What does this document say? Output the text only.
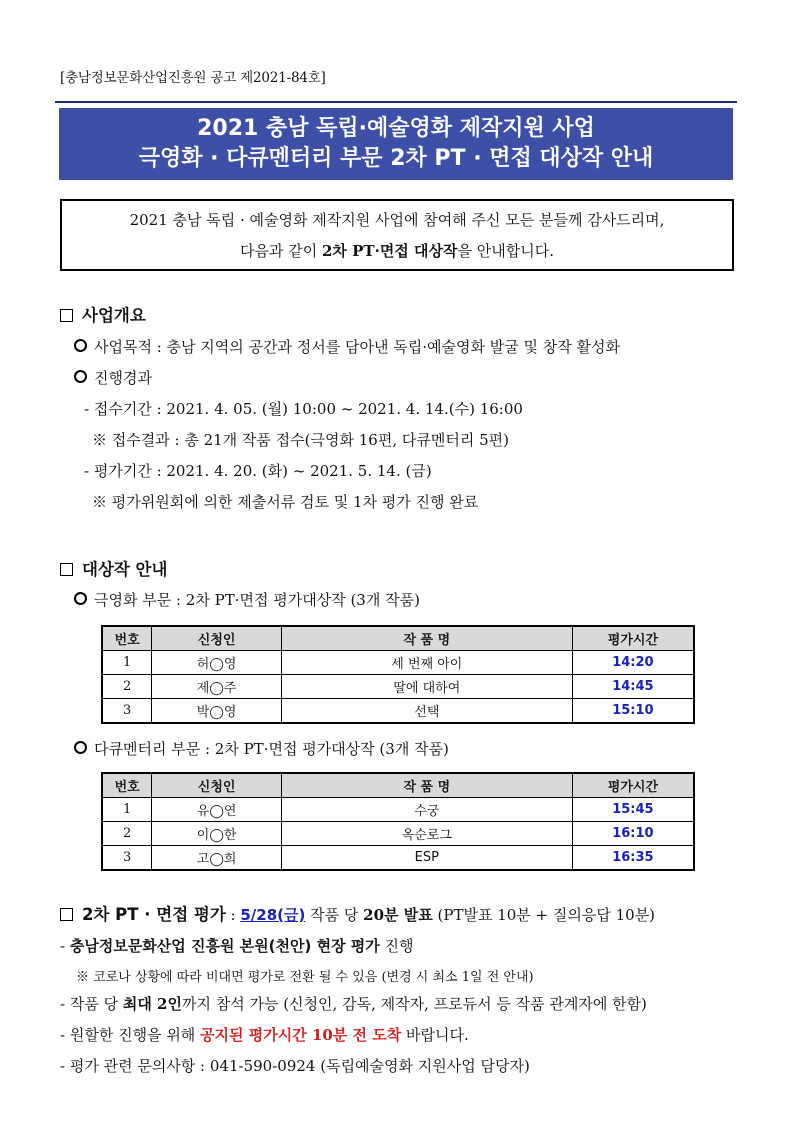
[충남정보문화산업진흥원 공고 제2021-84호]
2021 충남 독립·예술영화 제작지원 사업
극영화 · 다큐멘터리 부문 2차 PT · 면접 대상작 안내
2021 충남 독립 · 예술영화 제작지원 사업에 참여해 주신 모든 분들께 감사드리며,
다음과 같이 2차 PT·면접 대상작을 안내합니다.
사업개요
사업목적 : 충남 지역의 공간과 정서를 담아낸 독립·예술영화 발굴 및 창작 활성화
진행경과
- 접수기간 : 2021. 4. 05. (월) 10:00 ~ 2021. 4. 14.(수) 16:00
※ 접수결과 : 총 21개 작품 접수(극영화 16편, 다큐멘터리 5편)
- 평가기간 : 2021. 4. 20. (화) ~ 2021. 5. 14. (금)
※ 평가위원회에 의한 제출서류 검토 및 1차 평가 진행 완료
대상작 안내
극영화 부문 : 2차 PT·면접 평가대상작 (3개 작품)
번호	신청인	작 품 명	평가시간
1	허◯영	세 번째 아이	14:20
2	제◯주	딸에 대하여	14:45
3	박◯영	선택	15:10
다큐멘터리 부문 : 2차 PT·면접 평가대상작 (3개 작품)
번호	신청인	작 품 명	평가시간
1	유◯연	수궁	15:45
2	이◯한	옥순로그	16:10
3	고◯희	ESP	16:35
2차 PT · 면접 평가 : 5/28(금) 작품 당 20분 발표 (PT발표 10분 + 질의응답 10분)
- 충남정보문화산업 진흥원 본원(천안) 현장 평가 진행
※ 코로나 상황에 따라 비대면 평가로 전환 될 수 있음 (변경 시 최소 1일 전 안내)
- 작품 당 최대 2인까지 참석 가능 (신청인, 감독, 제작자, 프로듀서 등 작품 관계자에 한함)
- 원할한 진행을 위해 공지된 평가시간 10분 전 도착 바랍니다.
- 평가 관련 문의사항 : 041-590-0924 (독립예술영화 지원사업 담당자)
